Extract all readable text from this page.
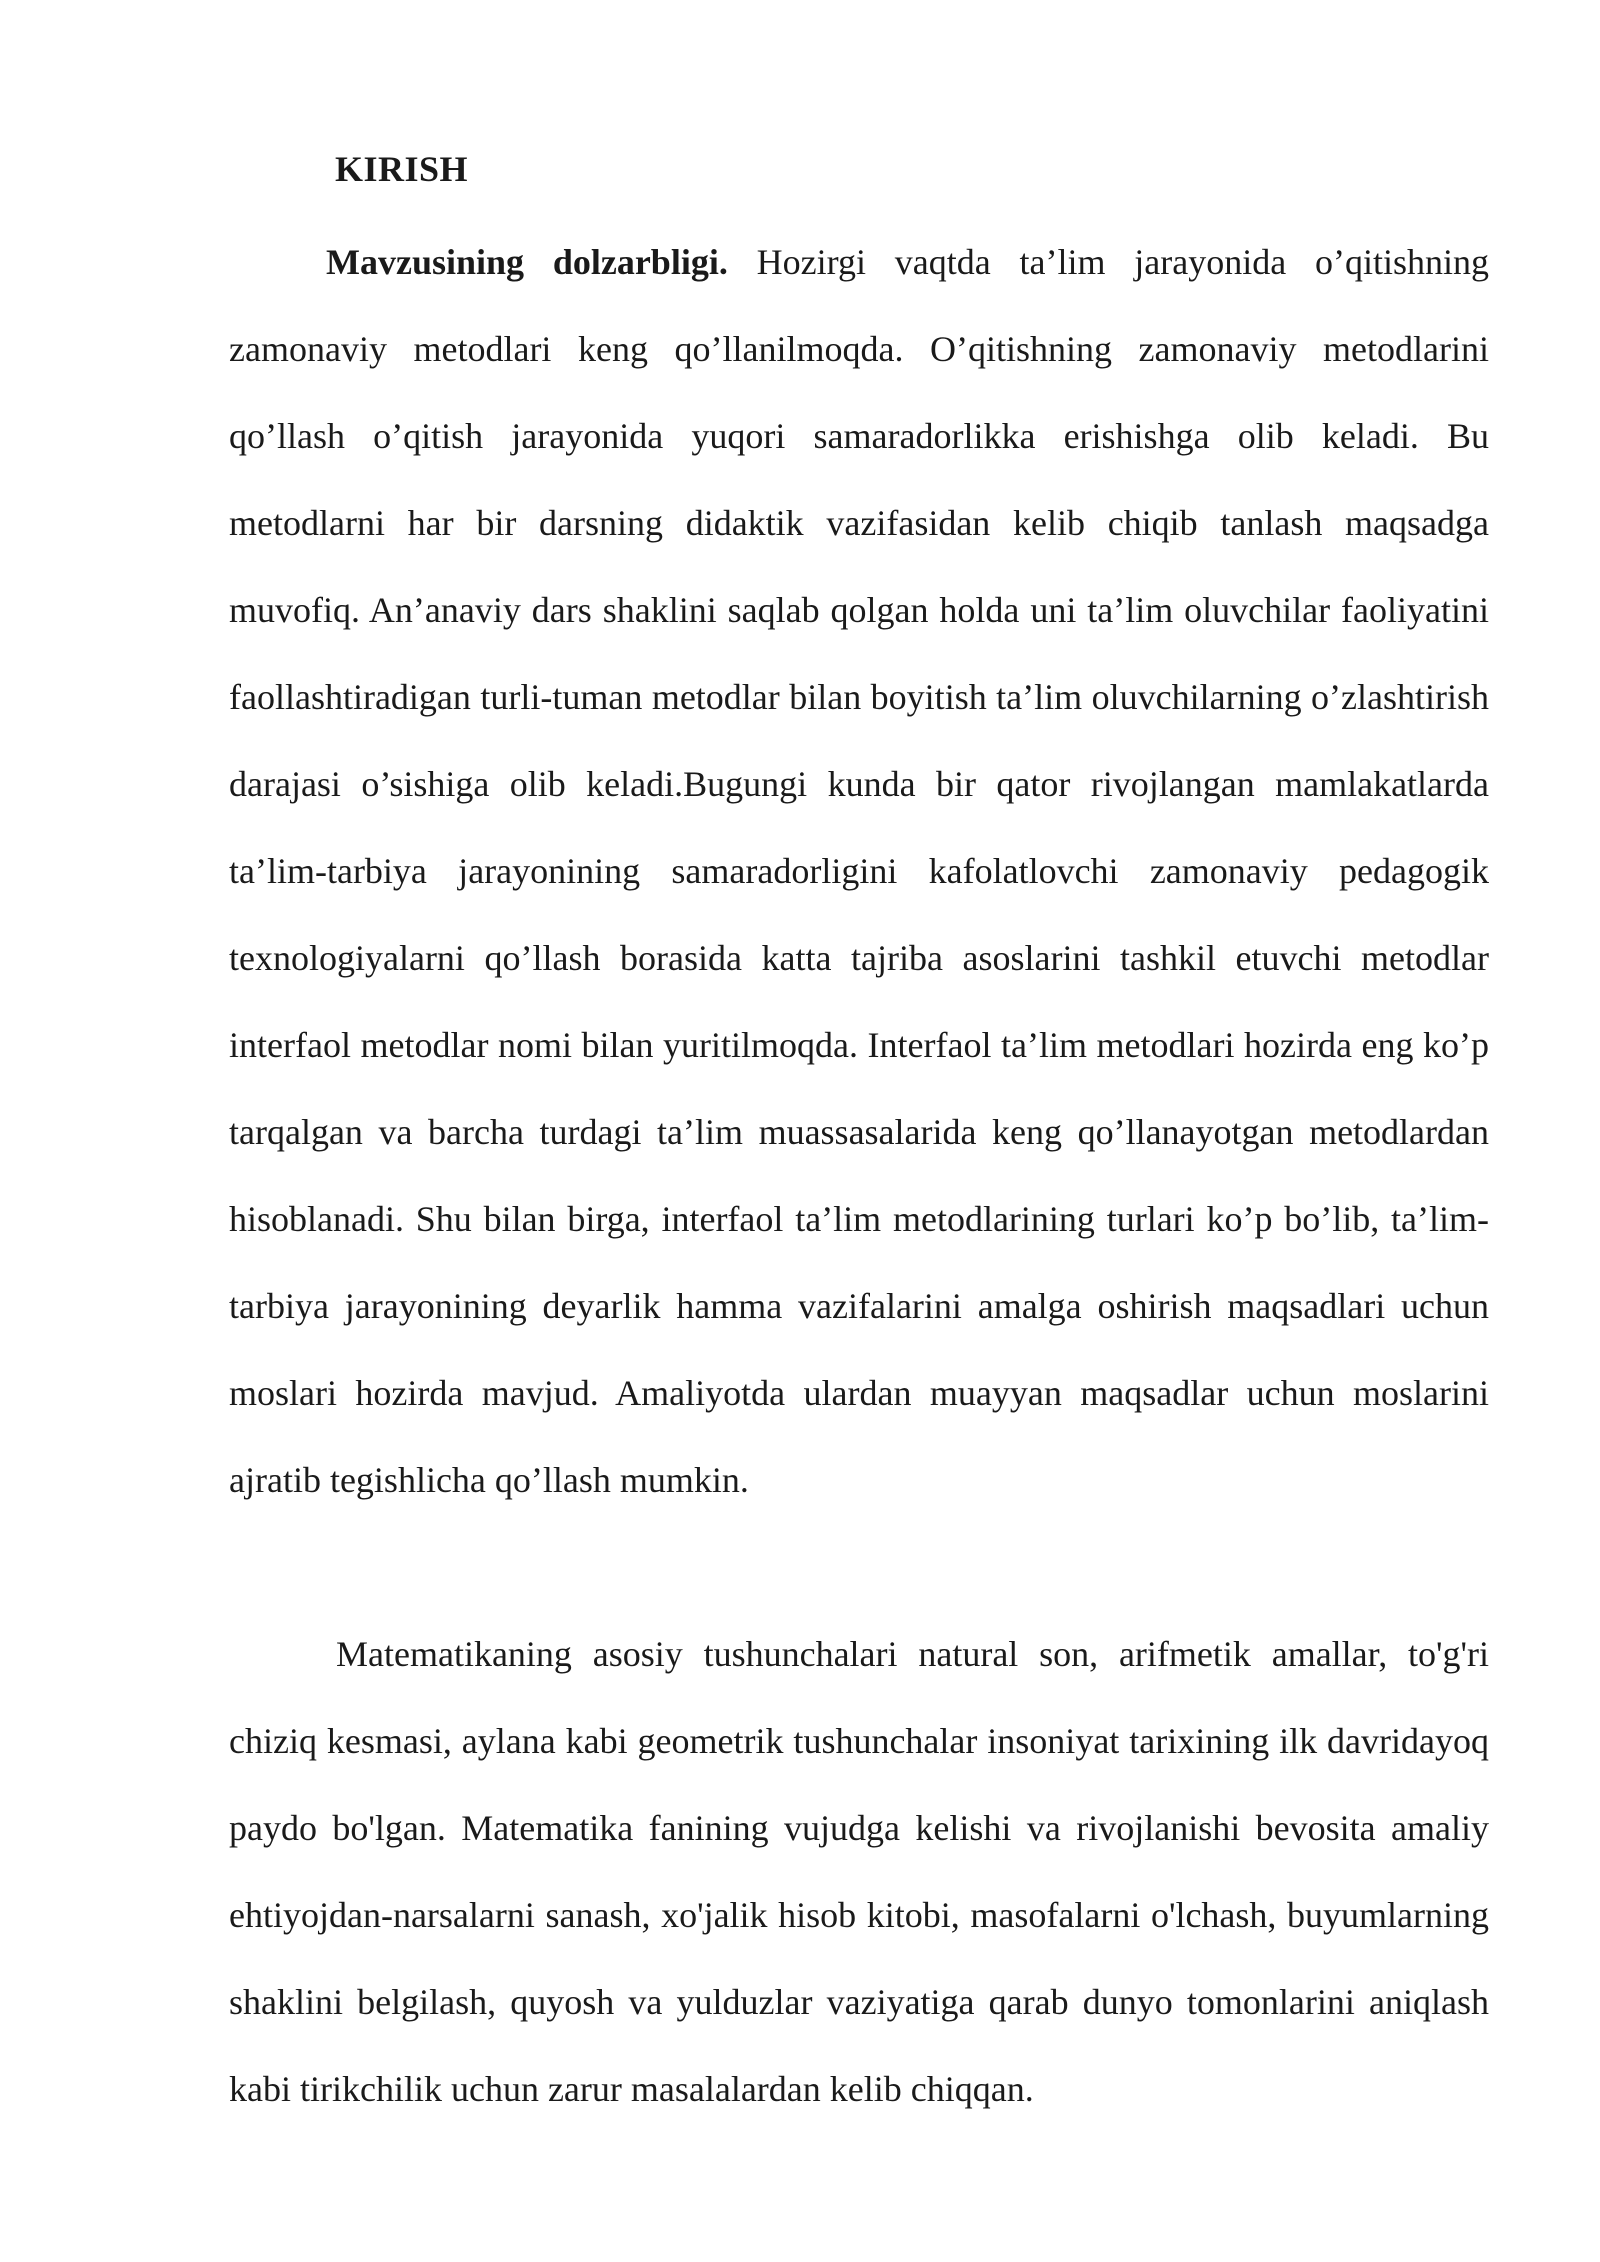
KIRISH

Mavzusining dolzarbligi. Hozirgi vaqtda ta’lim jarayonida o’qitishning zamonaviy metodlari keng qo’llanilmoqda. O’qitishning zamonaviy metodlarini qo’llash o’qitish jarayonida yuqori samaradorlikka erishishga olib keladi. Bu metodlarni har bir darsning didaktik vazifasidan kelib chiqib tanlash maqsadga muvofiq. An’anaviy dars shaklini saqlab qolgan holda uni ta’lim oluvchilar faoliyatini faollashtiradigan turli-tuman metodlar bilan boyitish ta’lim oluvchilarning o’zlashtirish darajasi o’sishiga olib keladi.Bugungi kunda bir qator rivojlangan mamlakatlarda ta’lim-tarbiya jarayonining samaradorligini kafolatlovchi zamonaviy pedagogik texnologiyalarni qo’llash borasida katta tajriba asoslarini tashkil etuvchi metodlar interfaol metodlar nomi bilan yuritilmoqda. Interfaol ta’lim metodlari hozirda eng ko’p tarqalgan va barcha turdagi ta’lim muassasalarida keng qo’llanayotgan metodlardan hisoblanadi. Shu bilan birga, interfaol ta’lim metodlarining turlari ko’p bo’lib, ta’lim-tarbiya jarayonining deyarlik hamma vazifalarini amalga oshirish maqsadlari uchun moslari hozirda mavjud. Amaliyotda ulardan muayyan maqsadlar uchun moslarini ajratib tegishlicha qo’llash mumkin.

Matematikaning asosiy tushunchalari natural son, arifmetik amallar, to'g'ri chiziq kesmasi, aylana kabi geometrik tushunchalar insoniyat tarixining ilk davridayoq paydo bo'lgan. Matematika fanining vujudga kelishi va rivojlanishi bevosita amaliy ehtiyojdan-narsalarni sanash, xo'jalik hisob kitobi, masofalarni o'lchash, buyumlarning shaklini belgilash, quyosh va yulduzlar vaziyatiga qarab dunyo tomonlarini aniqlash kabi tirikchilik uchun zarur masalalardan kelib chiqqan.
